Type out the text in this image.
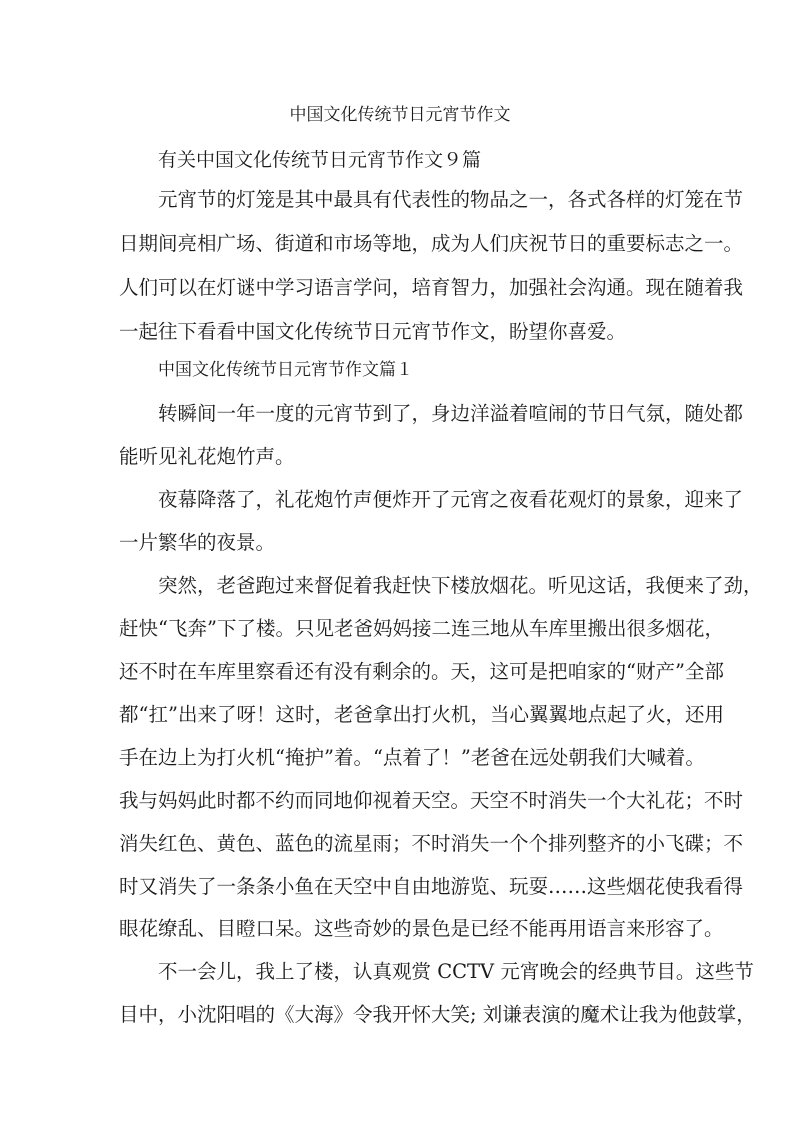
中国文化传统节日元宵节作文

有关中国文化传统节日元宵节作文９篇

元宵节的灯笼是其中最具有代表性的物品之一，各式各样的灯笼在节

日期间亮相广场、街道和市场等地，成为人们庆祝节日的重要标志之一。

人们可以在灯谜中学习语言学问，培育智力，加强社会沟通。现在随着我

一起往下看看中国文化传统节日元宵节作文，盼望你喜爱。

中国文化传统节日元宵节作文篇１

转瞬间一年一度的元宵节到了，身边洋溢着喧闹的节日气氛，随处都

能听见礼花炮竹声。

夜幕降落了，礼花炮竹声便炸开了元宵之夜看花观灯的景象，迎来了

一片繁华的夜景。

突然，老爸跑过来督促着我赶快下楼放烟花。听见这话，我便来了劲，

赶快“飞奔”下了楼。只见老爸妈妈接二连三地从车库里搬出很多烟花，

还不时在车库里察看还有没有剩余的。天，这可是把咱家的“财产”全部

都“扛”出来了呀！这时，老爸拿出打火机，当心翼翼地点起了火，还用

手在边上为打火机“掩护”着。“点着了！”老爸在远处朝我们大喊着。

我与妈妈此时都不约而同地仰视着天空。天空不时消失一个大礼花；不时

消失红色、黄色、蓝色的流星雨；不时消失一个个排列整齐的小飞碟；不

时又消失了一条条小鱼在天空中自由地游览、玩耍……这些烟花使我看得

眼花缭乱、目瞪口呆。这些奇妙的景色是已经不能再用语言来形容了。

不一会儿，我上了楼，认真观赏 CCTV 元宵晚会的经典节目。这些节

目中，小沈阳唱的《大海》令我开怀大笑; 刘谦表演的魔术让我为他鼓掌，
